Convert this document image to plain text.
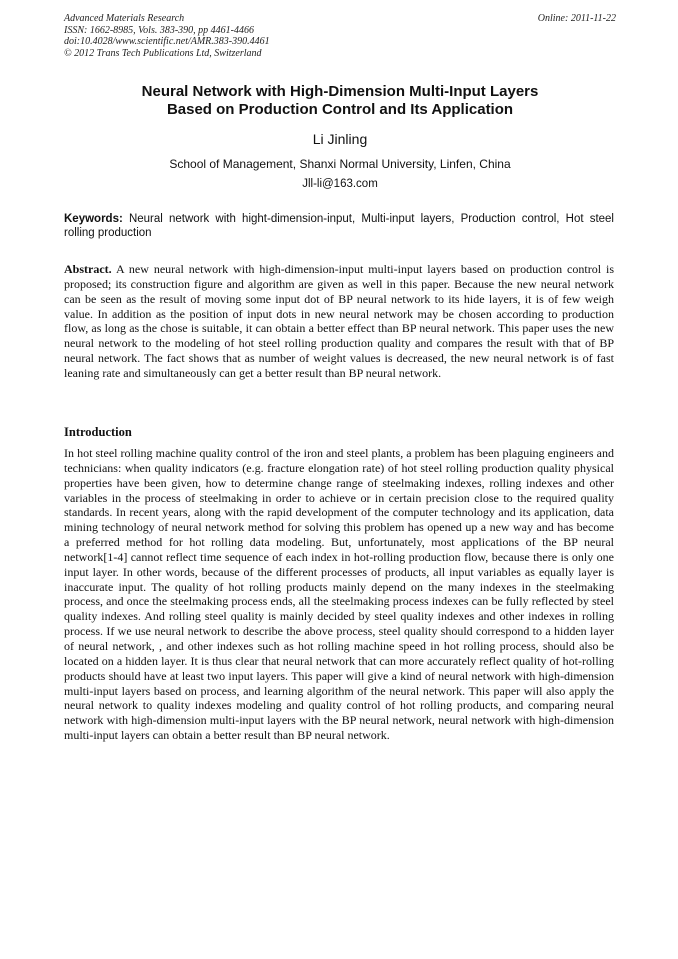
Advanced Materials Research
ISSN: 1662-8985, Vols. 383-390, pp 4461-4466
doi:10.4028/www.scientific.net/AMR.383-390.4461
© 2012 Trans Tech Publications Ltd, Switzerland
Online: 2011-11-22
Neural Network with High-Dimension Multi-Input Layers
Based on Production Control and Its Application
Li Jinling
School of Management, Shanxi Normal University, Linfen, China
Jll-li@163.com
Keywords: Neural network with hight-dimension-input, Multi-input layers, Production control, Hot steel rolling production
Abstract. A new neural network with high-dimension-input multi-input layers based on production control is proposed; its construction figure and algorithm are given as well in this paper. Because the new neural network can be seen as the result of moving some input dot of BP neural network to its hide layers, it is of few weigh value. In addition as the position of input dots in new neural network may be chosen according to production flow, as long as the chose is suitable, it can obtain a better effect than BP neural network. This paper uses the new neural network to the modeling of hot steel rolling production quality and compares the result with that of BP neural network. The fact shows that as number of weight values is decreased, the new neural network is of fast leaning rate and simultaneously can get a better result than BP neural network.
Introduction
In hot steel rolling machine quality control of the iron and steel plants, a problem has been plaguing engineers and technicians: when quality indicators (e.g. fracture elongation rate) of hot steel rolling production quality physical properties have been given, how to determine change range of steelmaking indexes, rolling indexes and other variables in the process of steelmaking in order to achieve or in certain precision close to the required quality standards. In recent years, along with the rapid development of the computer technology and its application, data mining technology of neural network method for solving this problem has opened up a new way and has become a preferred method for hot rolling data modeling. But, unfortunately, most applications of the BP neural network[1-4] cannot reflect time sequence of each index in hot-rolling production flow, because there is only one input layer. In other words, because of the different processes of products, all input variables as equally layer is inaccurate input. The quality of hot rolling products mainly depend on the many indexes in the steelmaking process, and once the steelmaking process ends, all the steelmaking process indexes can be fully reflected by steel quality indexes. And rolling steel quality is mainly decided by steel quality indexes and other indexes in rolling process. If we use neural network to describe the above process, steel quality should correspond to a hidden layer of neural network, , and other indexes such as hot rolling machine speed in hot rolling process, should also be located on a hidden layer. It is thus clear that neural network that can more accurately reflect quality of hot-rolling products should have at least two input layers. This paper will give a kind of neural network with high-dimension multi-input layers based on process, and learning algorithm of the neural network. This paper will also apply the neural network to quality indexes modeling and quality control of hot rolling products, and comparing neural network with high-dimension multi-input layers with the BP neural network, neural network with high-dimension multi-input layers can obtain a better result than BP neural network.
